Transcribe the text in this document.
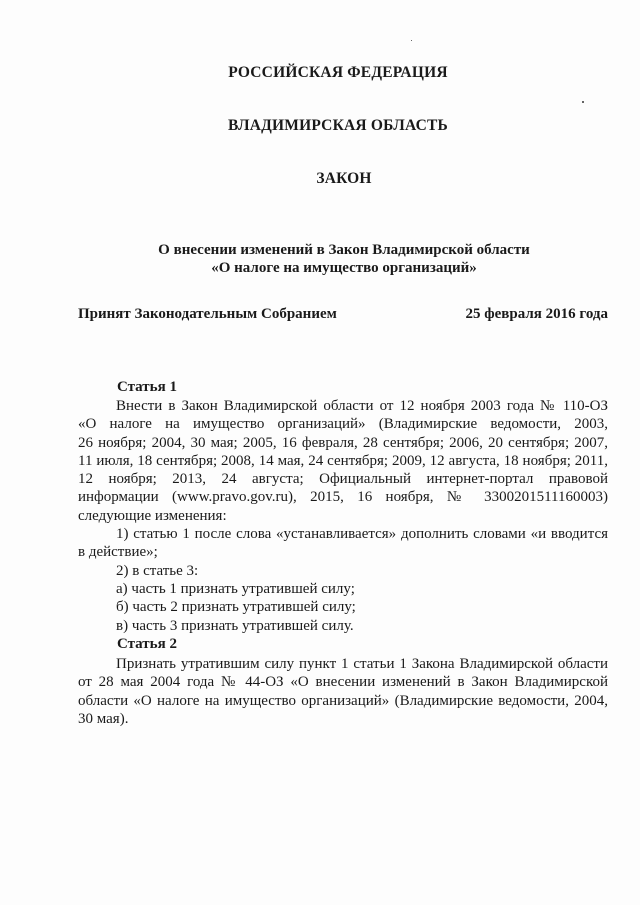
РОССИЙСКАЯ ФЕДЕРАЦИЯ
ВЛАДИМИРСКАЯ ОБЛАСТЬ
ЗАКОН
О внесении изменений в Закон Владимирской области
«О налоге на имущество организаций»
Принят Законодательным Собранием	25 февраля 2016 года
Статья 1
Внести в Закон Владимирской области от 12 ноября 2003 года № 110-ОЗ
«О налоге на имущество организаций» (Владимирские ведомости, 2003,
26 ноября; 2004, 30 мая; 2005, 16 февраля, 28 сентября; 2006, 20 сентября; 2007,
11 июля, 18 сентября; 2008, 14 мая, 24 сентября; 2009, 12 августа, 18 ноября; 2011,
12 ноября; 2013, 24 августа; Официальный интернет-портал правовой
информации (www.pravo.gov.ru), 2015, 16 ноября, № 3300201511160003)
следующие изменения:
1) статью 1 после слова «устанавливается» дополнить словами «и вводится
в действие»;
2) в статье 3:
а) часть 1 признать утратившей силу;
б) часть 2 признать утратившей силу;
в) часть 3 признать утратившей силу.
Статья 2
Признать утратившим силу пункт 1 статьи 1 Закона Владимирской области
от 28 мая 2004 года № 44-ОЗ «О внесении изменений в Закон Владимирской
области «О налоге на имущество организаций» (Владимирские ведомости, 2004,
30 мая).
